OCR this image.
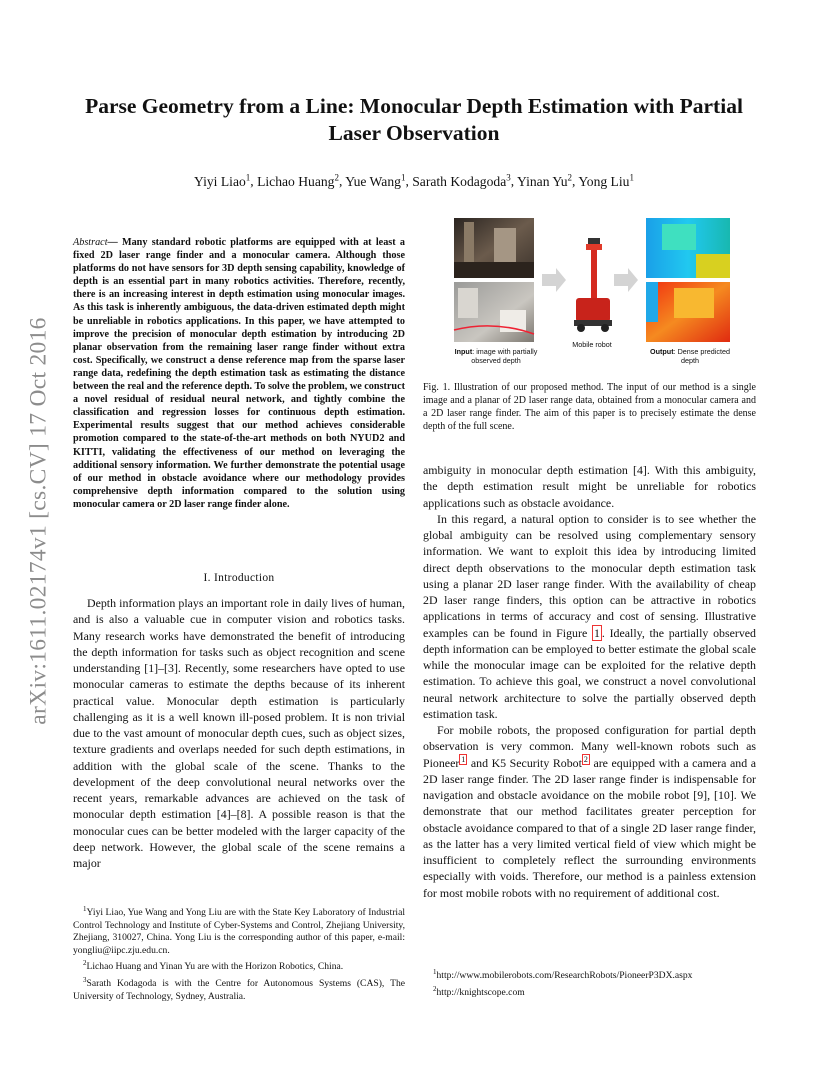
arXiv:1611.02174v1 [cs.CV] 17 Oct 2016
Parse Geometry from a Line: Monocular Depth Estimation with Partial Laser Observation
Yiyi Liao$^1$, Lichao Huang$^2$, Yue Wang$^1$, Sarath Kodagoda$^3$, Yinan Yu$^2$, Yong Liu$^1$
Abstract— Many standard robotic platforms are equipped with at least a fixed 2D laser range finder and a monocular camera. Although those platforms do not have sensors for 3D depth sensing capability, knowledge of depth is an essential part in many robotics activities. Therefore, recently, there is an increasing interest in depth estimation using monocular images. As this task is inherently ambiguous, the data-driven estimated depth might be unreliable in robotics applications. In this paper, we have attempted to improve the precision of monocular depth estimation by introducing 2D planar observation from the remaining laser range finder without extra cost. Specifically, we construct a dense reference map from the sparse laser range data, redefining the depth estimation task as estimating the distance between the real and the reference depth. To solve the problem, we construct a novel residual of residual neural network, and tightly combine the classification and regression losses for continuous depth estimation. Experimental results suggest that our method achieves considerable promotion compared to the state-of-the-art methods on both NYUD2 and KITTI, validating the effectiveness of our method on leveraging the additional sensory information. We further demonstrate the potential usage of our method in obstacle avoidance where our methodology provides comprehensive depth information compared to the solution using monocular camera or 2D laser range finder alone.
I. Introduction

Depth information plays an important role in daily lives of human, and is also a valuable cue in computer vision and robotics tasks. Many research works have demonstrated the benefit of introducing the depth information for tasks such as object recognition and scene understanding [1]–[3]. Recently, some researchers have opted to use monocular cameras to estimate the depths because of its inherent practical value. Monocular depth estimation is particularly challenging as it is a well known ill-posed problem. It is non trivial due to the vast amount of monocular depth cues, such as object sizes, texture gradients and overlaps needed for such depth estimations, in addition with the global scale of the scene. Thanks to the development of the deep convolutional neural networks over the recent years, remarkable advances are achieved on the task of monocular depth estimation [4]–[8]. A possible reason is that the monocular cues can be better modeled with the larger capacity of the deep network. However, the global scale of the scene remains a major

$^1$Yiyi Liao, Yue Wang and Yong Liu are with the State Key Laboratory of Industrial Control Technology and Institute of Cyber-Systems and Control, Zhejiang University, Zhejiang, 310027, China. Yong Liu is the corresponding author of this paper, e-mail: yongliu@iipc.zju.edu.cn.

$^2$Lichao Huang and Yinan Yu are with the Horizon Robotics, China.

$^3$Sarath Kodagoda is with the Centre for Autonomous Systems (CAS), The University of Technology, Sydney, Australia.

Input: image with partially observed depth
Mobile robot
Output: Dense predicted depth
Fig. 1. Illustration of our proposed method. The input of our method is a single image and a planar of 2D laser range data, obtained from a monocular camera and a 2D laser range finder. The aim of this paper is to precisely estimate the dense depth of the full scene.

ambiguity in monocular depth estimation [4]. With this ambiguity, the depth estimation result might be unreliable for robotics applications such as obstacle avoidance.

In this regard, a natural option to consider is to see whether the global ambiguity can be resolved using complementary sensory information. We want to exploit this idea by introducing limited direct depth observations to the monocular depth estimation task using a planar 2D laser range finder. With the availability of cheap 2D laser range finders, this option can be attractive in robotics applications in terms of accuracy and cost of sensing. Illustrative examples can be found in Figure 1 . Ideally, the partially observed depth information can be employed to better estimate the global scale while the monocular image can be exploited for the relative depth estimation. To achieve this goal, we construct a novel convolutional neural network architecture to solve the partially observed depth estimation task.

For mobile robots, the proposed configuration for partial depth observation is very common. Many well-known robots such as Pioneer $^1$ and K5 Security Robot $^2$ are equipped with a camera and a 2D laser range finder. The 2D laser range finder is indispensable for navigation and obstacle avoidance on the mobile robot [9], [10]. We demonstrate that our method facilitates greater perception for obstacle avoidance compared to that of a single 2D laser range finder, as the latter has a very limited vertical field of view which might be insufficient to completely reflect the surrounding environments especially with voids. Therefore, our method is a painless extension for most mobile robots with no requirement of additional cost.

$^1$http://www.mobilerobots.com/ResearchRobots/PioneerP3DX.aspx

$^2$http://knightscope.com
